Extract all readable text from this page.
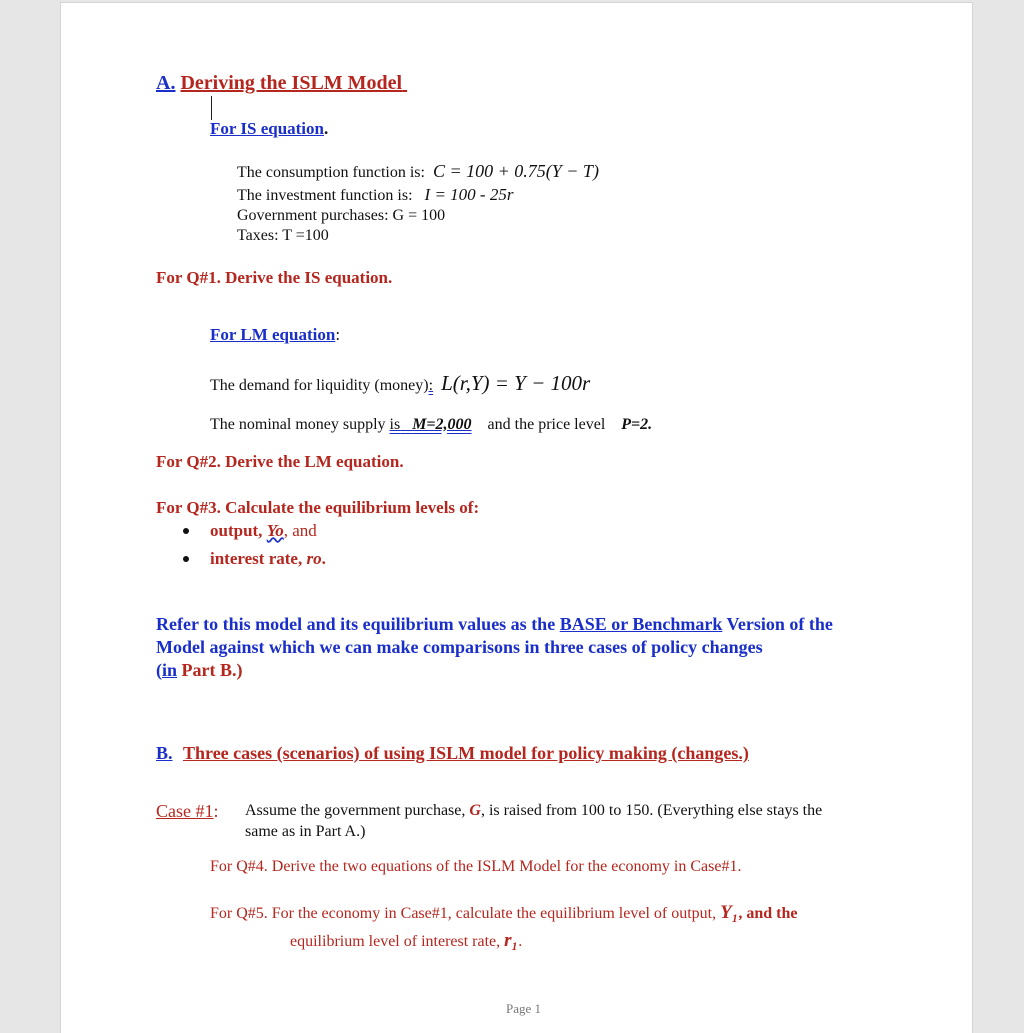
A. Deriving the ISLM Model
For IS equation.
The consumption function is: C = 100 + 0.75(Y − T)
The investment function is: I = 100 - 25r
Government purchases: G = 100
Taxes: T =100
For Q#1. Derive the IS equation.
For LM equation:
The demand for liquidity (money): L(r,Y) = Y − 100r
The nominal money supply is M=2,000 and the price level P=2.
For Q#2. Derive the LM equation.
For Q#3. Calculate the equilibrium levels of:
output, Yo, and
interest rate, ro.
Refer to this model and its equilibrium values as the BASE or Benchmark Version of the
Model against which we can make comparisons in three cases of policy changes
(in Part B.)
B. Three cases (scenarios) of using ISLM model for policy making (changes.)
Case #1: Assume the government purchase, G, is raised from 100 to 150. (Everything else stays the
same as in Part A.)
For Q#4. Derive the two equations of the ISLM Model for the economy in Case#1.
For Q#5. For the economy in Case#1, calculate the equilibrium level of output, Y₁, and the
equilibrium level of interest rate, r₁.
Page 1
